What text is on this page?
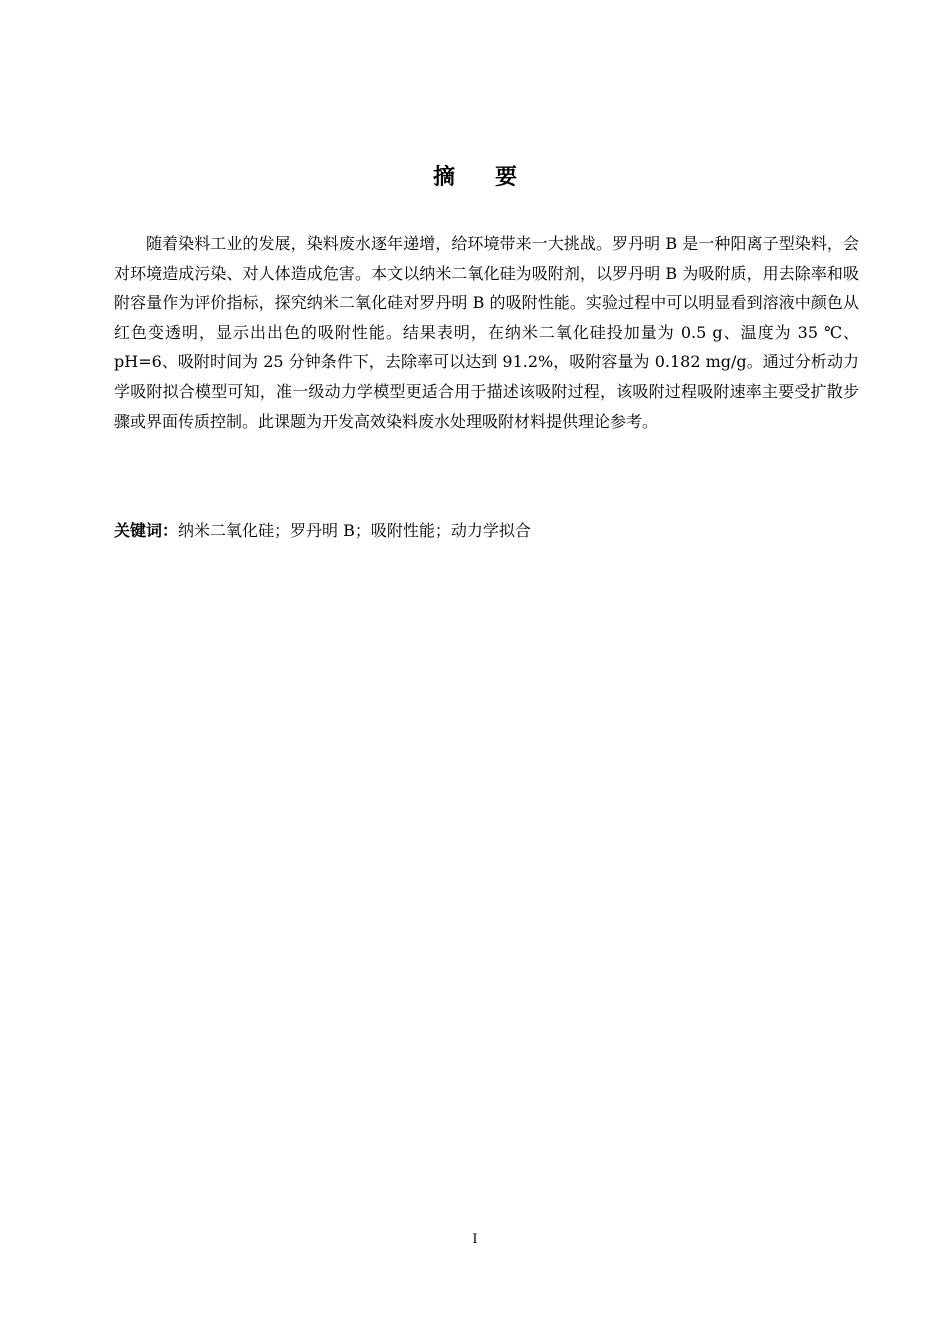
摘 要

随着染料工业的发展，染料废水逐年递增，给环境带来一大挑战。罗丹明 B 是一种阳离子型染料，会对环境造成污染、对人体造成危害。本文以纳米二氧化硅为吸附剂，以罗丹明 B 为吸附质，用去除率和吸附容量作为评价指标，探究纳米二氧化硅对罗丹明 B 的吸附性能。实验过程中可以明显看到溶液中颜色从红色变透明，显示出出色的吸附性能。结果表明，在纳米二氧化硅投加量为 0.5 g、温度为 35 ℃、pH=6、吸附时间为 25 分钟条件下，去除率可以达到 91.2%，吸附容量为 0.182 mg/g。通过分析动力学吸附拟合模型可知，准一级动力学模型更适合用于描述该吸附过程，该吸附过程吸附速率主要受扩散步骤或界面传质控制。此课题为开发高效染料废水处理吸附材料提供理论参考。

关键词：纳米二氧化硅；罗丹明 B；吸附性能；动力学拟合

I
